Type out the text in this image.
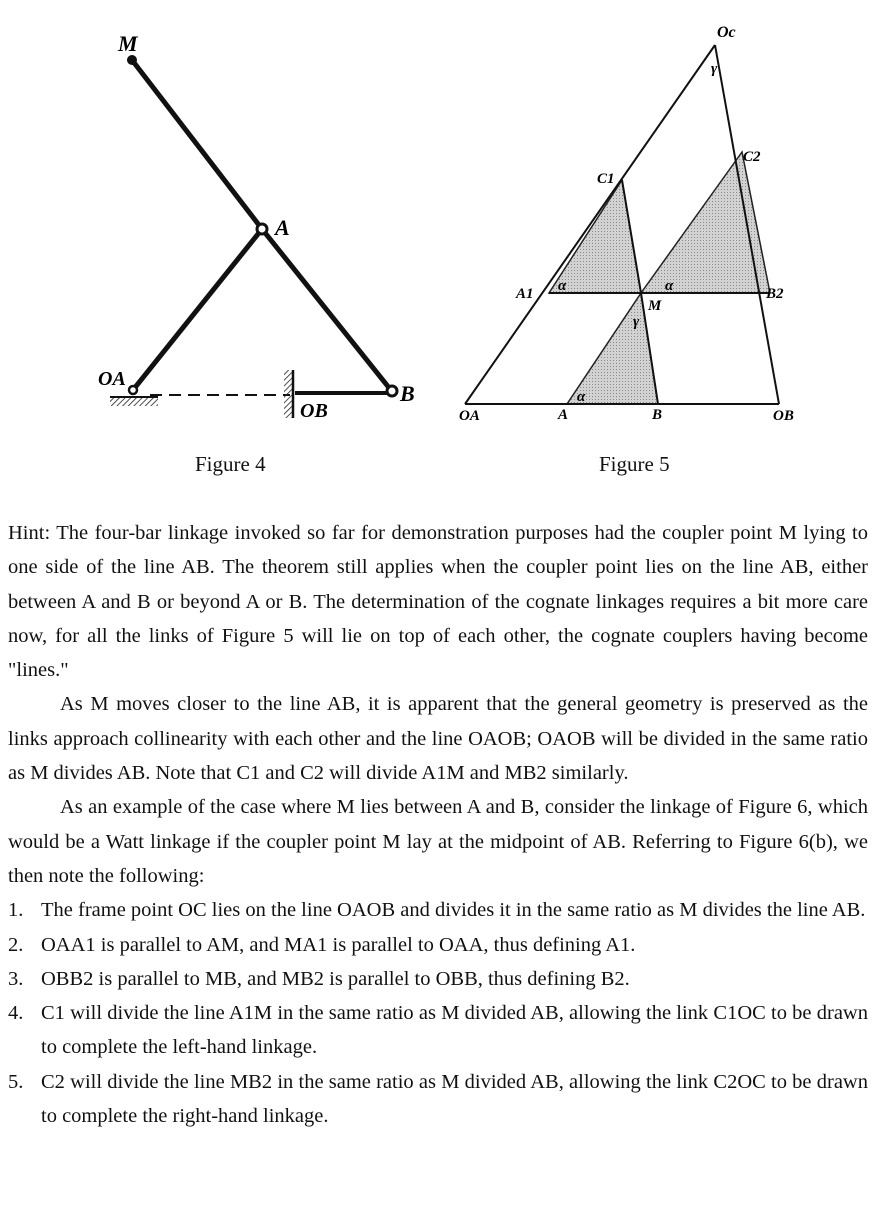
M
A
OA
OB
B
Oc
γ
C2
C1
A1 α	α
M
γ
B2
α
OA	A	B	OB
Figure 4	Figure 5

Hint: The four-bar linkage invoked so far for demonstration purposes had the coupler point M lying to one side of the line AB. The theorem still applies when the coupler point lies on the line AB, either between A and B or beyond A or B. The determination of the cognate linkages requires a bit more care now, for all the links of Figure 5 will lie on top of each other, the cognate couplers having become "lines."

As M moves closer to the line AB, it is apparent that the general geometry is preserved as the links approach collinearity with each other and the line OAOB; OAOB will be divided in the same ratio as M divides AB. Note that C1 and C2 will divide A1M and MB2 similarly.

As an example of the case where M lies between A and B, consider the linkage of Figure 6, which would be a Watt linkage if the coupler point M lay at the midpoint of AB. Referring to Figure 6(b), we then note the following:

1. The frame point OC lies on the line OAOB and divides it in the same ratio as M divides the line AB.
2. OAA1 is parallel to AM, and MA1 is parallel to OAA, thus defining A1.
3. OBB2 is parallel to MB, and MB2 is parallel to OBB, thus defining B2.
4. C1 will divide the line A1M in the same ratio as M divided AB, allowing the link C1OC to be drawn to complete the left-hand linkage.
5. C2 will divide the line MB2 in the same ratio as M divided AB, allowing the link C2OC to be drawn to complete the right-hand linkage.
